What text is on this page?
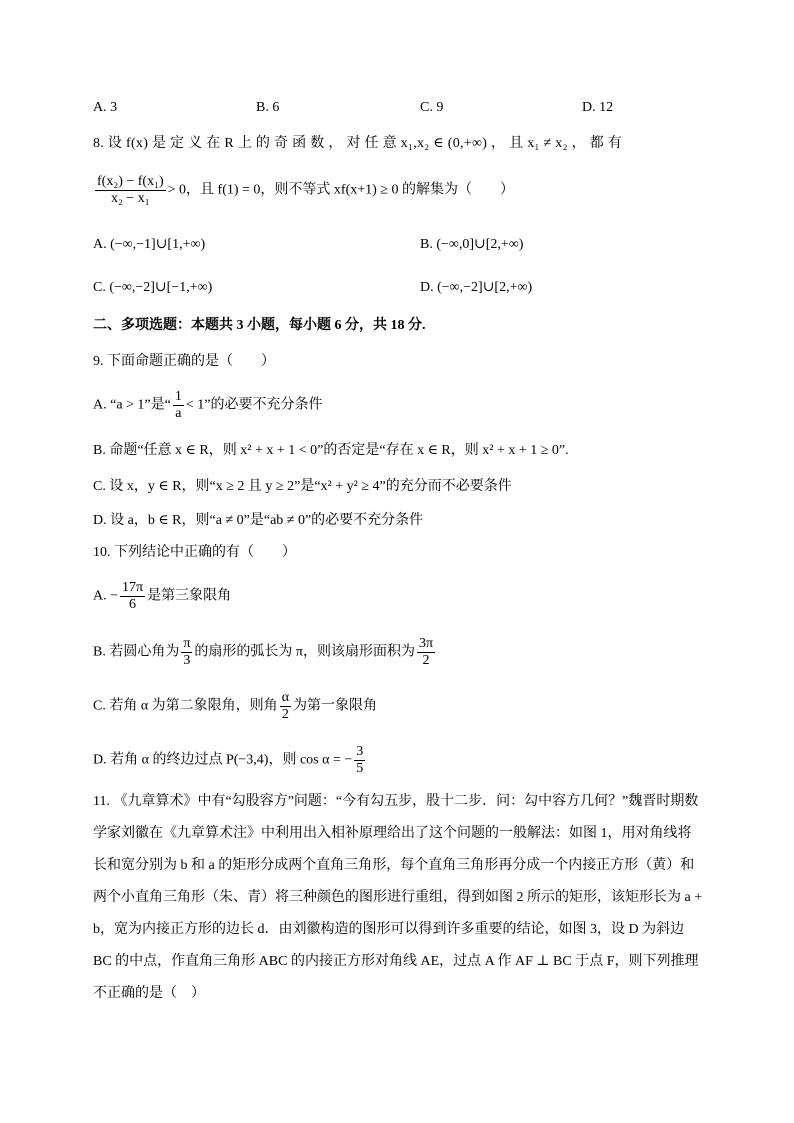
A. 3	B. 6	C. 9	D. 12
8. 设 f(x) 是 定 义 在 R 上 的 奇 函 数 ， 对 任 意 x₁,x₂ ∈ (0,+∞) ， 且 x₁ ≠ x₂ ， 都 有
$\frac{\text{f(x₂) − f(x₁)}}{\text{x₂ − x₁}} > 0$，且 f(1) = 0，则不等式 xf(x+1) ≥ 0 的解集为（　　）
A. (−∞,−1]∪[1,+∞)	B. (−∞,0]∪[2,+∞)
C. (−∞,−2]∪[−1,+∞)	D. (−∞,−2]∪[2,+∞)
二、多项选题：本题共 3 小题，每小题 6 分，共 18 分.
9. 下面命题正确的是（　　）
A. “a > 1”是“ $\frac{1}{a} < 1$”的必要不充分条件
B. 命题“任意 x ∈ R，则 x² + x + 1 < 0”的否定是“存在 x ∈ R，则 x² + x + 1 ≥ 0”.
C. 设 x，y ∈ R，则“x ≥ 2 且 y ≥ 2”是“x² + y² ≥ 4”的充分而不必要条件
D. 设 a，b ∈ R，则“a ≠ 0”是“ab ≠ 0”的必要不充分条件
10. 下列结论中正确的有（　　）
A. − $\frac{17\pi}{6}$ 是第三象限角
B. 若圆心角为 $\frac{\pi}{3}$ 的扇形的弧长为 π，则该扇形面积为 $\frac{3\pi}{2}$
C. 若角 α 为第二象限角，则角 $\frac{\alpha}{2}$ 为第一象限角
D. 若角 α 的终边过点 P(−3,4)，则 cos α = − $\frac{3}{5}$
11. 《九章算术》中有“勾股容方”问题：“今有勾五步，股十二步．问：勾中容方几何？”魏晋时期数学家刘徽在《九章算术注》中利用出入相补原理给出了这个问题的一般解法：如图 1，用对角线将长和宽分别为 b 和 a 的矩形分成两个直角三角形，每个直角三角形再分成一个内接正方形（黄）和两个小直角三角形（朱、青）将三种颜色的图形进行重组，得到如图 2 所示的矩形，该矩形长为 a + b，宽为内接正方形的边长 d．由刘徽构造的图形可以得到许多重要的结论，如图 3，设 D 为斜边 BC 的中点，作直角三角形 ABC 的内接正方形对角线 AE，过点 A 作 AF ⊥ BC 于点 F，则下列推理不正确的是（　）
